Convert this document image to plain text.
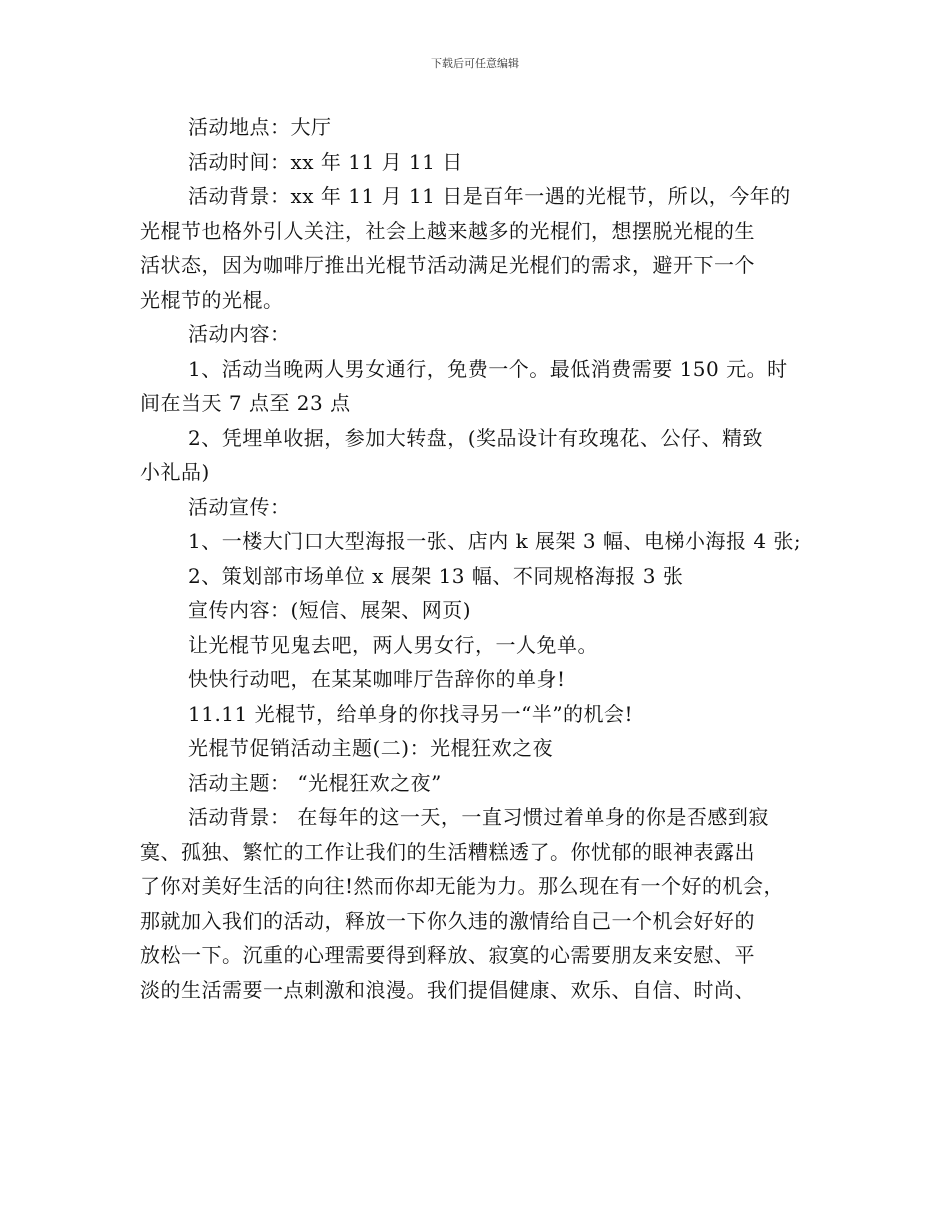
下载后可任意编辑
活动地点：大厅
活动时间：xx 年 11 月 11 日
活动背景：xx 年 11 月 11 日是百年一遇的光棍节，所以，今年的
光棍节也格外引人关注，社会上越来越多的光棍们，想摆脱光棍的生
活状态，因为咖啡厅推出光棍节活动满足光棍们的需求，避开下一个
光棍节的光棍。
活动内容：
1、活动当晚两人男女通行，免费一个。最低消费需要 150 元。时
间在当天 7 点至 23 点
2、凭埋单收据，参加大转盘，(奖品设计有玫瑰花、公仔、精致
小礼品)
活动宣传：
1、一楼大门口大型海报一张、店内 k 展架 3 幅、电梯小海报 4 张;
2、策划部市场单位 x 展架 13 幅、不同规格海报 3 张
宣传内容：(短信、展架、网页)
让光棍节见鬼去吧，两人男女行，一人免单。
快快行动吧，在某某咖啡厅告辞你的单身!
11.11 光棍节，给单身的你找寻另一“半”的机会!
光棍节促销活动主题(二)：光棍狂欢之夜
活动主题： “光棍狂欢之夜”
活动背景： 在每年的这一天，一直习惯过着单身的你是否感到寂
寞、孤独、繁忙的工作让我们的生活糟糕透了。你忧郁的眼神表露出
了你对美好生活的向往!然而你却无能为力。那么现在有一个好的机会，
那就加入我们的活动，释放一下你久违的激情给自己一个机会好好的
放松一下。沉重的心理需要得到释放、寂寞的心需要朋友来安慰、平
淡的生活需要一点刺激和浪漫。我们提倡健康、欢乐、自信、时尚、
